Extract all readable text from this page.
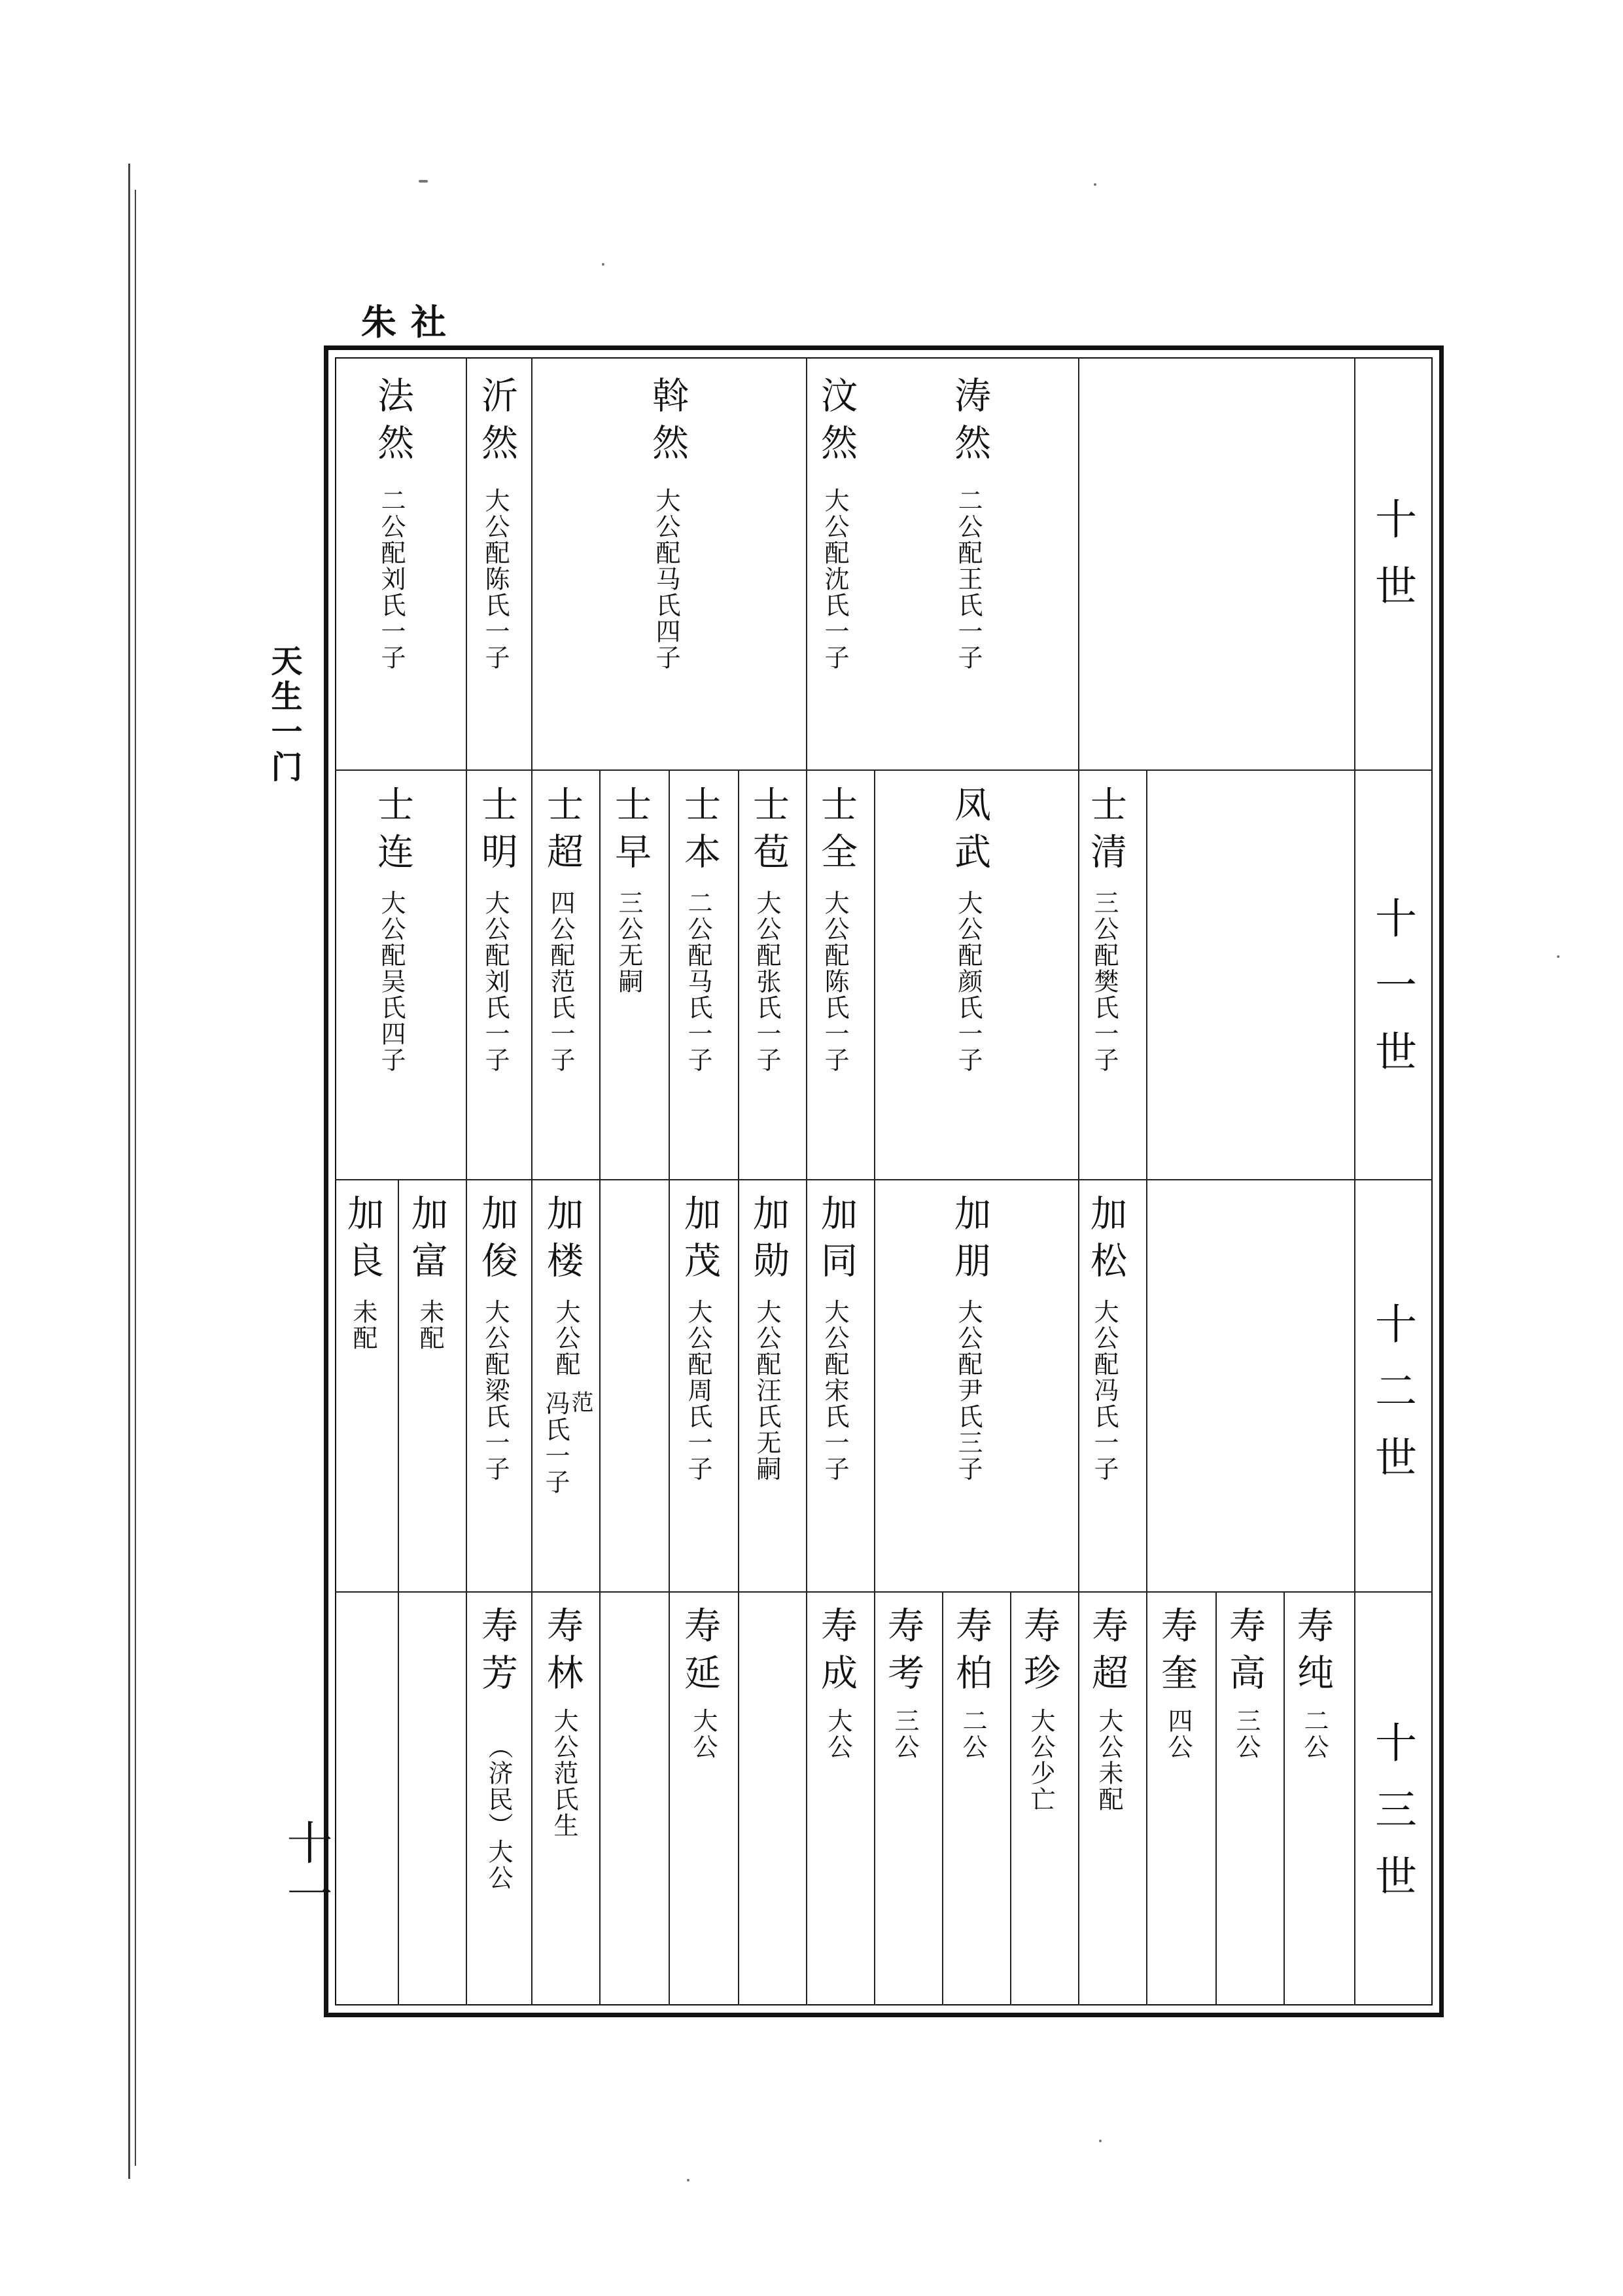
朱社
天生一门
十一
十世
十一世
十二世
十三世
涛然
二公配王氏一子
汶然
大公配沈氏一子
斡然
大公配马氏四子
沂然
大公配陈氏一子
法然
二公配刘氏一子
士清
三公配樊氏一子
凤武
大公配颜氏一子
士全
大公配陈氏一子
士苞
大公配张氏一子
士本
二公配马氏一子
士早
三公无嗣
士超
四公配范氏一子
士明
大公配刘氏一子
士连
大公配吴氏四子
加松
大公配冯氏一子
加朋
大公配尹氏三子
加同
大公配宋氏一子
加勋
大公配汪氏无嗣
加茂
大公配周氏一子
加楼
大公配
范
冯氏一子
加俊
大公配梁氏一子
加富
未配
加良
未配
寿纯
二公
寿高
三公
寿奎
四公
寿超
大公未配
寿珍
大公少亡
寿柏
二公
寿考
三公
寿成
大公
寿延
大公
寿林
大公范氏生
寿芳
（济民）大公
